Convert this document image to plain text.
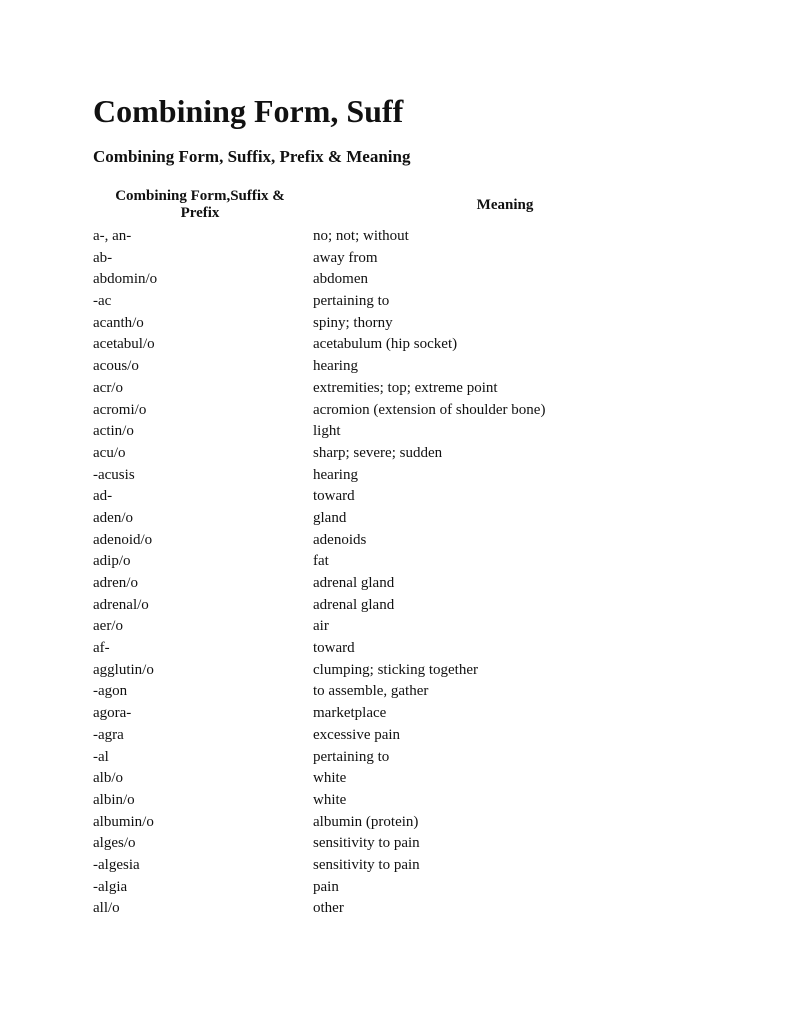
Combining Form, Suff
Combining Form, Suffix, Prefix & Meaning
Combining Form,Suffix & Prefix	Meaning
a-, an-	no; not; without
ab-	away from
abdomin/o	abdomen
-ac	pertaining to
acanth/o	spiny; thorny
acetabul/o	acetabulum (hip socket)
acous/o	hearing
acr/o	extremities; top; extreme point
acromi/o	acromion (extension of shoulder bone)
actin/o	light
acu/o	sharp; severe; sudden
-acusis	hearing
ad-	toward
aden/o	gland
adenoid/o	adenoids
adip/o	fat
adren/o	adrenal gland
adrenal/o	adrenal gland
aer/o	air
af-	toward
agglutin/o	clumping; sticking together
-agon	to assemble, gather
agora-	marketplace
-agra	excessive pain
-al	pertaining to
alb/o	white
albin/o	white
albumin/o	albumin (protein)
alges/o	sensitivity to pain
-algesia	sensitivity to pain
-algia	pain
all/o	other
